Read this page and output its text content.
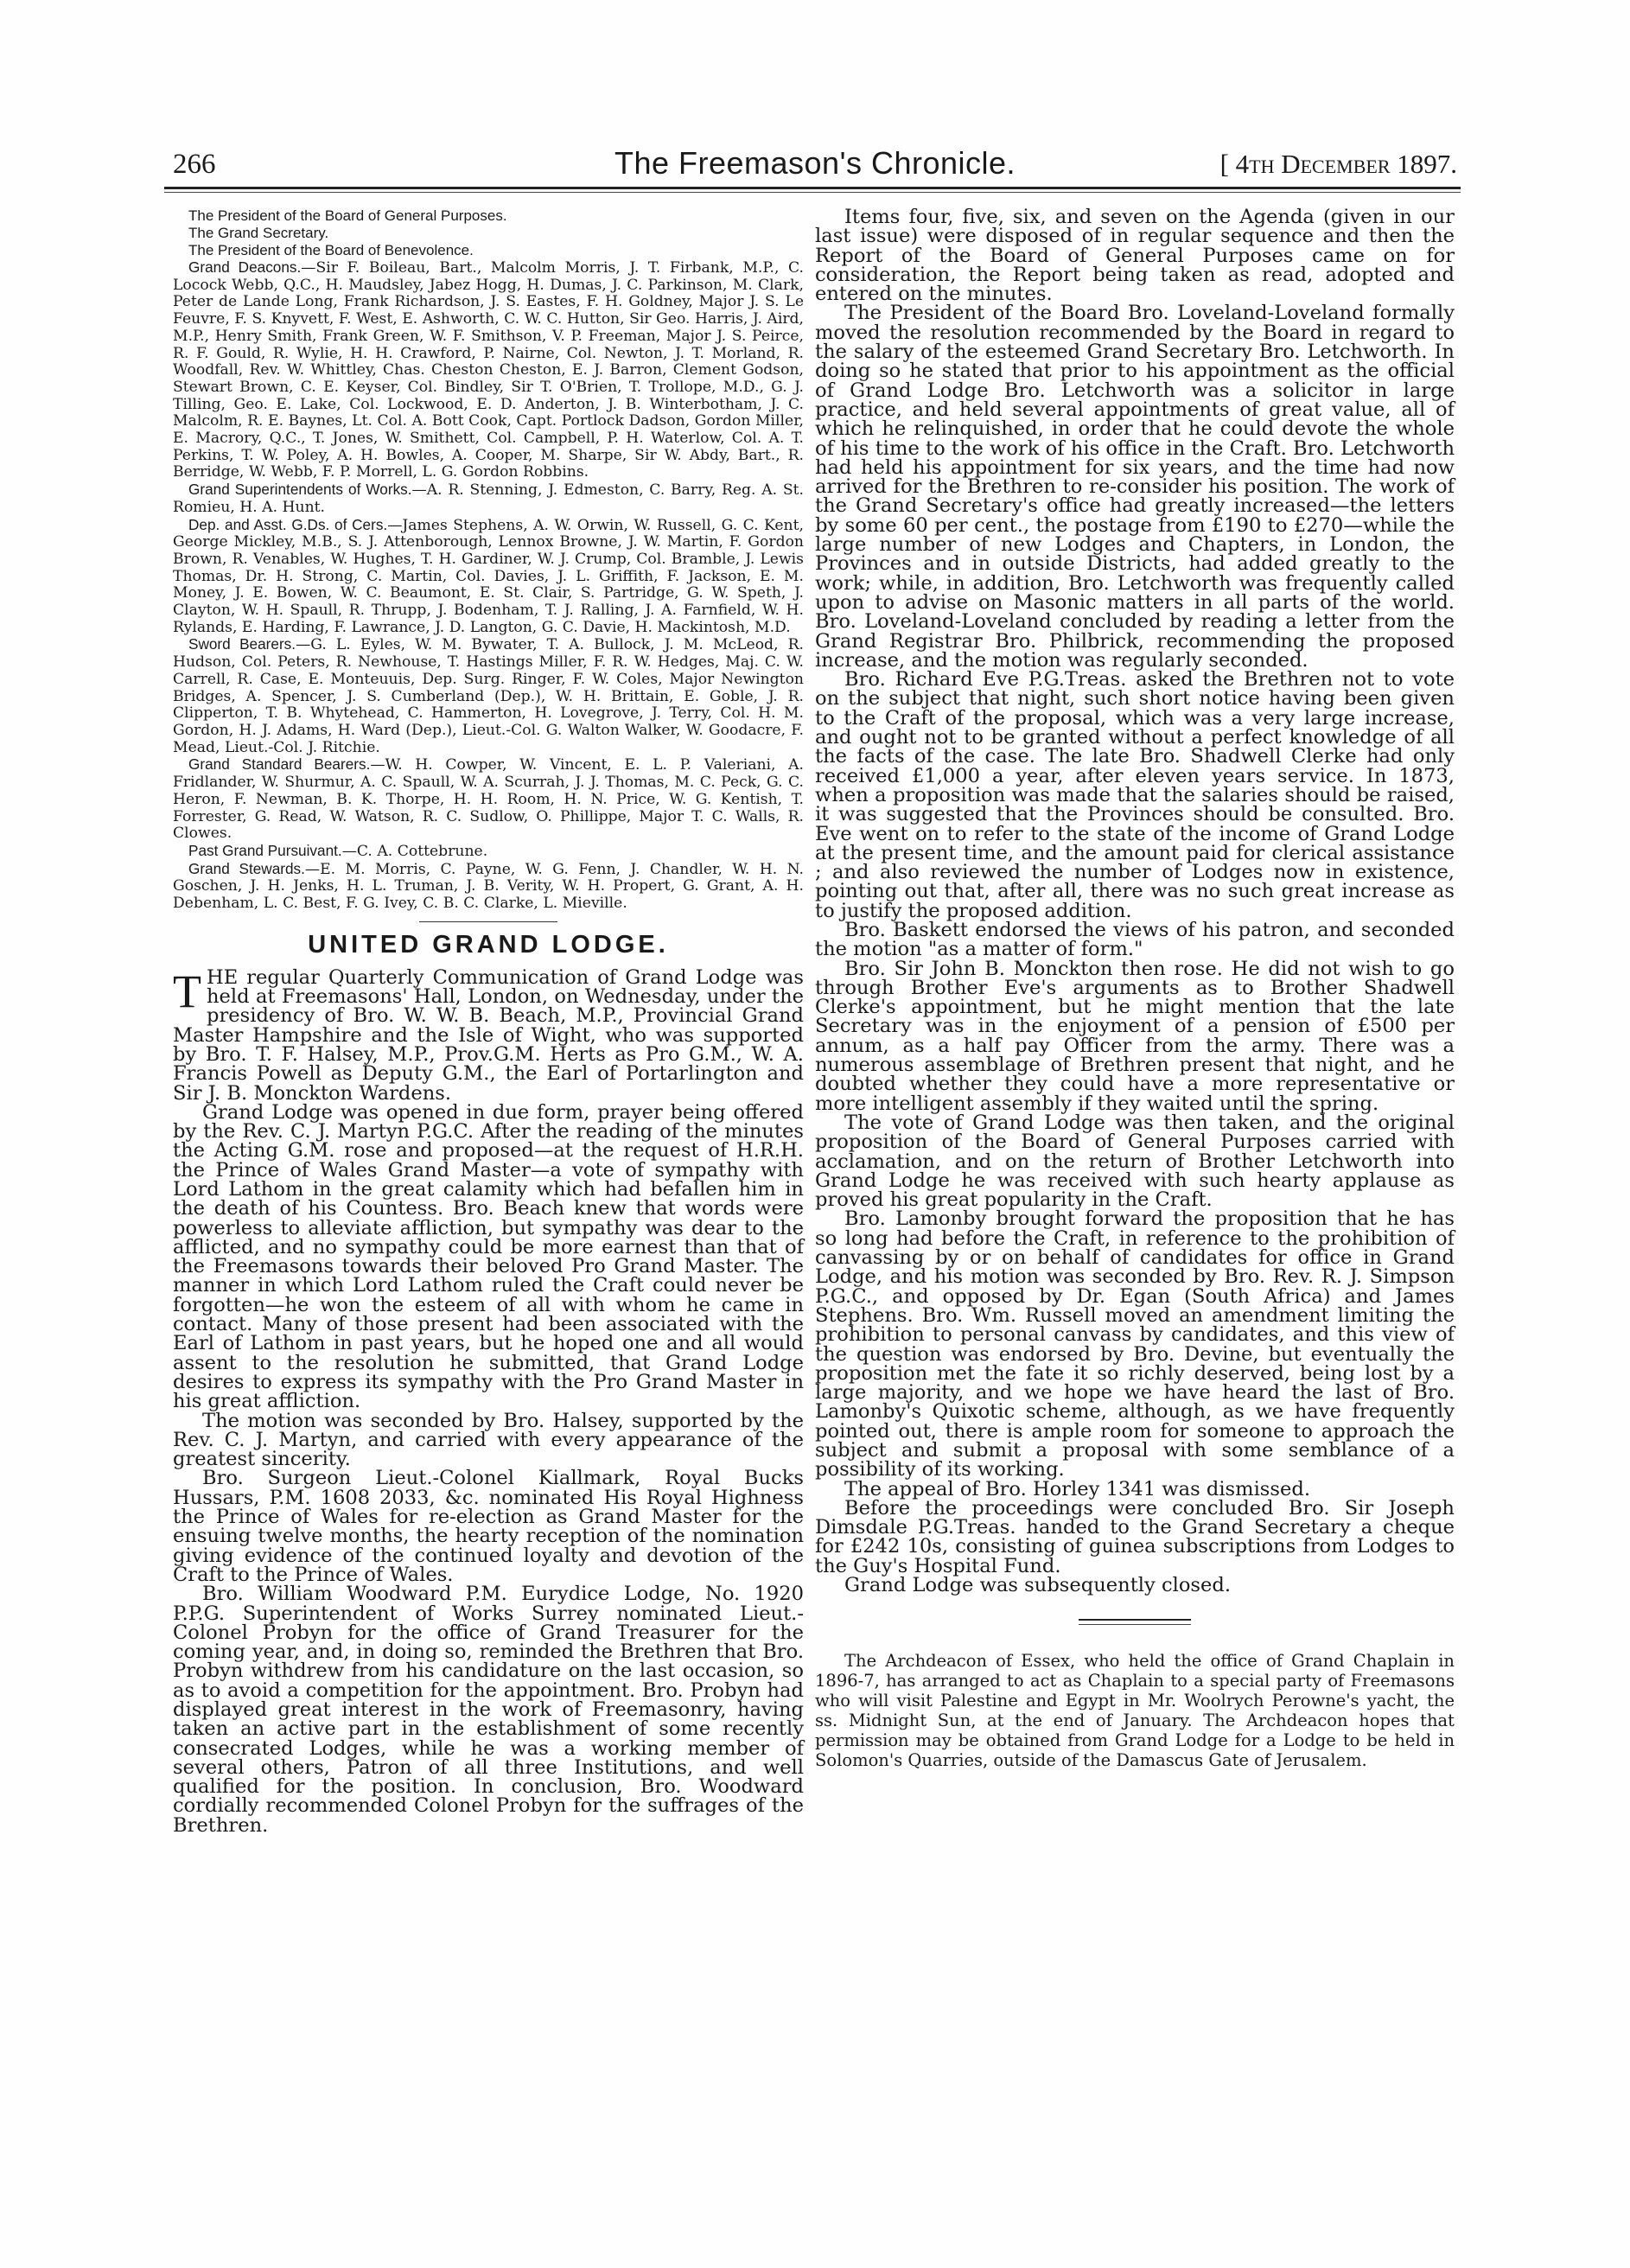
266	The Freemason's Chronicle.	[ 4th December 1897.

The President of the Board of General Purposes.

The Grand Secretary.

The President of the Board of Benevolence.

Grand Deacons.—Sir F. Boileau, Bart., Malcolm Morris, J. T. Firbank, M.P., C. Locock Webb, Q.C., H. Maudsley, Jabez Hogg, H. Dumas, J. C. Parkinson, M. Clark, Peter de Lande Long, Frank Richardson, J. S. Eastes, F. H. Goldney, Major J. S. Le Feuvre, F. S. Knyvett, F. West, E. Ashworth, C. W. C. Hutton, Sir Geo. Harris, J. Aird, M.P., Henry Smith, Frank Green, W. F. Smithson, V. P. Freeman, Major J. S. Peirce, R. F. Gould, R. Wylie, H. H. Crawford, P. Nairne, Col. Newton, J. T. Morland, R. Woodfall, Rev. W. Whittley, Chas. Cheston Cheston, E. J. Barron, Clement Godson, Stewart Brown, C. E. Keyser, Col. Bindley, Sir T. O'Brien, T. Trollope, M.D., G. J. Tilling, Geo. E. Lake, Col. Lockwood, E. D. Anderton, J. B. Winterbotham, J. C. Malcolm, R. E. Baynes, Lt. Col. A. Bott Cook, Capt. Portlock Dadson, Gordon Miller, E. Macrory, Q.C., T. Jones, W. Smithett, Col. Campbell, P. H. Waterlow, Col. A. T. Perkins, T. W. Poley, A. H. Bowles, A. Cooper, M. Sharpe, Sir W. Abdy, Bart., R. Berridge, W. Webb, F. P. Morrell, L. G. Gordon Robbins.

Grand Superintendents of Works.—A. R. Stenning, J. Edmeston, C. Barry, Reg. A. St. Romieu, H. A. Hunt.

Dep. and Asst. G.Ds. of Cers.—James Stephens, A. W. Orwin, W. Russell, G. C. Kent, George Mickley, M.B., S. J. Attenborough, Lennox Browne, J. W. Martin, F. Gordon Brown, R. Venables, W. Hughes, T. H. Gardiner, W. J. Crump, Col. Bramble, J. Lewis Thomas, Dr. H. Strong, C. Martin, Col. Davies, J. L. Griffith, F. Jackson, E. M. Money, J. E. Bowen, W. C. Beaumont, E. St. Clair, S. Partridge, G. W. Speth, J. Clayton, W. H. Spaull, R. Thrupp, J. Bodenham, T. J. Ralling, J. A. Farnfield, W. H. Rylands, E. Harding, F. Lawrance, J. D. Langton, G. C. Davie, H. Mackintosh, M.D.

Sword Bearers.—G. L. Eyles, W. M. Bywater, T. A. Bullock, J. M. McLeod, R. Hudson, Col. Peters, R. Newhouse, T. Hastings Miller, F. R. W. Hedges, Maj. C. W. Carrell, R. Case, E. Monteuuis, Dep. Surg. Ringer, F. W. Coles, Major Newington Bridges, A. Spencer, J. S. Cumberland (Dep.), W. H. Brittain, E. Goble, J. R. Clipperton, T. B. Whytehead, C. Hammerton, H. Lovegrove, J. Terry, Col. H. M. Gordon, H. J. Adams, H. Ward (Dep.), Lieut.-Col. G. Walton Walker, W. Goodacre, F. Mead, Lieut.-Col. J. Ritchie.

Grand Standard Bearers.—W. H. Cowper, W. Vincent, E. L. P. Valeriani, A. Fridlander, W. Shurmur, A. C. Spaull, W. A. Scurrah, J. J. Thomas, M. C. Peck, G. C. Heron, F. Newman, B. K. Thorpe, H. H. Room, H. N. Price, W. G. Kentish, T. Forrester, G. Read, W. Watson, R. C. Sudlow, O. Phillippe, Major T. C. Walls, R. Clowes.

Past Grand Pursuivant.—C. A. Cottebrune.

Grand Stewards.—E. M. Morris, C. Payne, W. G. Fenn, J. Chandler, W. H. N. Goschen, J. H. Jenks, H. L. Truman, J. B. Verity, W. H. Propert, G. Grant, A. H. Debenham, L. C. Best, F. G. Ivey, C. B. C. Clarke, L. Mieville.

UNITED GRAND LODGE.

THE regular Quarterly Communication of Grand Lodge was held at Freemasons' Hall, London, on Wednesday, under the presidency of Bro. W. W. B. Beach, M.P., Provincial Grand Master Hampshire and the Isle of Wight, who was supported by Bro. T. F. Halsey, M.P., Prov.G.M. Herts as Pro G.M., W. A. Francis Powell as Deputy G.M., the Earl of Portarlington and Sir J. B. Monckton Wardens.

Grand Lodge was opened in due form, prayer being offered by the Rev. C. J. Martyn P.G.C. After the reading of the minutes the Acting G.M. rose and proposed—at the request of H.R.H. the Prince of Wales Grand Master—a vote of sympathy with Lord Lathom in the great calamity which had befallen him in the death of his Countess. Bro. Beach knew that words were powerless to alleviate affliction, but sympathy was dear to the afflicted, and no sympathy could be more earnest than that of the Freemasons towards their beloved Pro Grand Master. The manner in which Lord Lathom ruled the Craft could never be forgotten—he won the esteem of all with whom he came in contact. Many of those present had been associated with the Earl of Lathom in past years, but he hoped one and all would assent to the resolution he submitted, that Grand Lodge desires to express its sympathy with the Pro Grand Master in his great affliction.

The motion was seconded by Bro. Halsey, supported by the Rev. C. J. Martyn, and carried with every appearance of the greatest sincerity.

Bro. Surgeon Lieut.-Colonel Kiallmark, Royal Bucks Hussars, P.M. 1608 2033, &c. nominated His Royal Highness the Prince of Wales for re-election as Grand Master for the ensuing twelve months, the hearty reception of the nomination giving evidence of the continued loyalty and devotion of the Craft to the Prince of Wales.

Bro. William Woodward P.M. Eurydice Lodge, No. 1920 P.P.G. Superintendent of Works Surrey nominated Lieut.-Colonel Probyn for the office of Grand Treasurer for the coming year, and, in doing so, reminded the Brethren that Bro. Probyn withdrew from his candidature on the last occasion, so as to avoid a competition for the appointment. Bro. Probyn had displayed great interest in the work of Freemasonry, having taken an active part in the establishment of some recently consecrated Lodges, while he was a working member of several others, Patron of all three Institutions, and well qualified for the position. In conclusion, Bro. Woodward cordially recommended Colonel Probyn for the suffrages of the Brethren.

Items four, five, six, and seven on the Agenda (given in our last issue) were disposed of in regular sequence and then the Report of the Board of General Purposes came on for consideration, the Report being taken as read, adopted and entered on the minutes.

The President of the Board Bro. Loveland-Loveland formally moved the resolution recommended by the Board in regard to the salary of the esteemed Grand Secretary Bro. Letchworth. In doing so he stated that prior to his appointment as the official of Grand Lodge Bro. Letchworth was a solicitor in large practice, and held several appointments of great value, all of which he relinquished, in order that he could devote the whole of his time to the work of his office in the Craft. Bro. Letchworth had held his appointment for six years, and the time had now arrived for the Brethren to re-consider his position. The work of the Grand Secretary's office had greatly increased—the letters by some 60 per cent., the postage from £190 to £270—while the large number of new Lodges and Chapters, in London, the Provinces and in outside Districts, had added greatly to the work; while, in addition, Bro. Letchworth was frequently called upon to advise on Masonic matters in all parts of the world. Bro. Loveland-Loveland concluded by reading a letter from the Grand Registrar Bro. Philbrick, recommending the proposed increase, and the motion was regularly seconded.

Bro. Richard Eve P.G.Treas. asked the Brethren not to vote on the subject that night, such short notice having been given to the Craft of the proposal, which was a very large increase, and ought not to be granted without a perfect knowledge of all the facts of the case. The late Bro. Shadwell Clerke had only received £1,000 a year, after eleven years service. In 1873, when a proposition was made that the salaries should be raised, it was suggested that the Provinces should be consulted. Bro. Eve went on to refer to the state of the income of Grand Lodge at the present time, and the amount paid for clerical assistance ; and also reviewed the number of Lodges now in existence, pointing out that, after all, there was no such great increase as to justify the proposed addition.

Bro. Baskett endorsed the views of his patron, and seconded the motion "as a matter of form."

Bro. Sir John B. Monckton then rose. He did not wish to go through Brother Eve's arguments as to Brother Shadwell Clerke's appointment, but he might mention that the late Secretary was in the enjoyment of a pension of £500 per annum, as a half pay Officer from the army. There was a numerous assemblage of Brethren present that night, and he doubted whether they could have a more representative or more intelligent assembly if they waited until the spring.

The vote of Grand Lodge was then taken, and the original proposition of the Board of General Purposes carried with acclamation, and on the return of Brother Letchworth into Grand Lodge he was received with such hearty applause as proved his great popularity in the Craft.

Bro. Lamonby brought forward the proposition that he has so long had before the Craft, in reference to the prohibition of canvassing by or on behalf of candidates for office in Grand Lodge, and his motion was seconded by Bro. Rev. R. J. Simpson P.G.C., and opposed by Dr. Egan (South Africa) and James Stephens. Bro. Wm. Russell moved an amendment limiting the prohibition to personal canvass by candidates, and this view of the question was endorsed by Bro. Devine, but eventually the proposition met the fate it so richly deserved, being lost by a large majority, and we hope we have heard the last of Bro. Lamonby's Quixotic scheme, although, as we have frequently pointed out, there is ample room for someone to approach the subject and submit a proposal with some semblance of a possibility of its working.

The appeal of Bro. Horley 1341 was dismissed.

Before the proceedings were concluded Bro. Sir Joseph Dimsdale P.G.Treas. handed to the Grand Secretary a cheque for £242 10s, consisting of guinea subscriptions from Lodges to the Guy's Hospital Fund.

Grand Lodge was subsequently closed.

The Archdeacon of Essex, who held the office of Grand Chaplain in 1896-7, has arranged to act as Chaplain to a special party of Freemasons who will visit Palestine and Egypt in Mr. Woolrych Perowne's yacht, the ss. Midnight Sun, at the end of January. The Archdeacon hopes that permission may be obtained from Grand Lodge for a Lodge to be held in Solomon's Quarries, outside of the Damascus Gate of Jerusalem.
